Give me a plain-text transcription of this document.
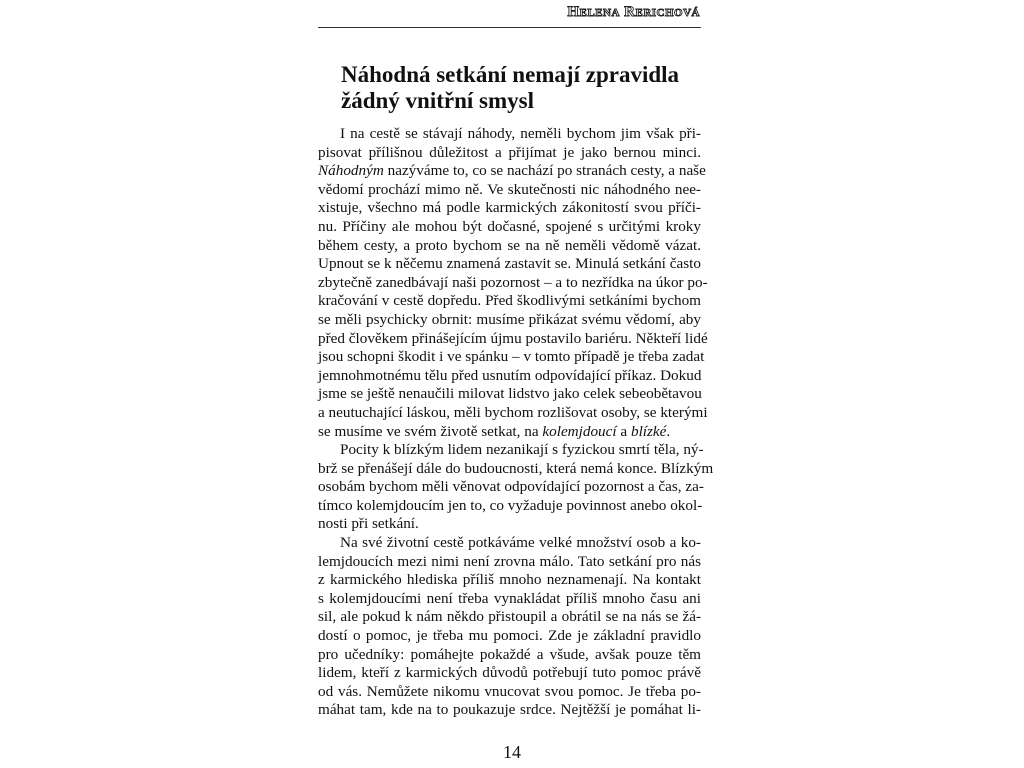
Helena Rerichová
Náhodná setkání nemají zpravidla
žádný vnitřní smysl
I na cestě se stávají náhody, neměli bychom jim však při-
pisovat přílišnou důležitost a přijímat je jako bernou minci.
Náhodným nazýváme to, co se nachází po stranách cesty, a naše
vědomí prochází mimo ně. Ve skutečnosti nic náhodného nee-
xistuje, všechno má podle karmických zákonitostí svou příči-
nu. Příčiny ale mohou být dočasné, spojené s určitými kroky
během cesty, a proto bychom se na ně neměli vědomě vázat.
Upnout se k něčemu znamená zastavit se. Minulá setkání často
zbytečně zanedbávají naši pozornost – a to nezřídka na úkor po-
kračování v cestě dopředu. Před škodlivými setkáními bychom
se měli psychicky obrnit: musíme přikázat svému vědomí, aby
před člověkem přinášejícím újmu postavilo bariéru. Někteří lidé
jsou schopni škodit i ve spánku – v tomto případě je třeba zadat
jemnohmotnému tělu před usnutím odpovídající příkaz. Dokud
jsme se ještě nenaučili milovat lidstvo jako celek sebeobětavou
a neutuchající láskou, měli bychom rozlišovat osoby, se kterými
se musíme ve svém životě setkat, na kolemjdoucí a blízké.
Pocity k blízkým lidem nezanikají s fyzickou smrtí těla, ný-
brž se přenášejí dále do budoucnosti, která nemá konce. Blízkým
osobám bychom měli věnovat odpovídající pozornost a čas, za-
tímco kolemjdoucím jen to, co vyžaduje povinnost anebo okol-
nosti při setkání.
Na své životní cestě potkáváme velké množství osob a ko-
lemjdoucích mezi nimi není zrovna málo. Tato setkání pro nás
z karmického hlediska příliš mnoho neznamenají. Na kontakt
s kolemjdoucími není třeba vynakládat příliš mnoho času ani
sil, ale pokud k nám někdo přistoupil a obrátil se na nás se žá-
dostí o pomoc, je třeba mu pomoci. Zde je základní pravidlo
pro učedníky: pomáhejte pokaždé a všude, avšak pouze těm
lidem, kteří z karmických důvodů potřebují tuto pomoc právě
od vás. Nemůžete nikomu vnucovat svou pomoc. Je třeba po-
máhat tam, kde na to poukazuje srdce. Nejtěžší je pomáhat li-
14
